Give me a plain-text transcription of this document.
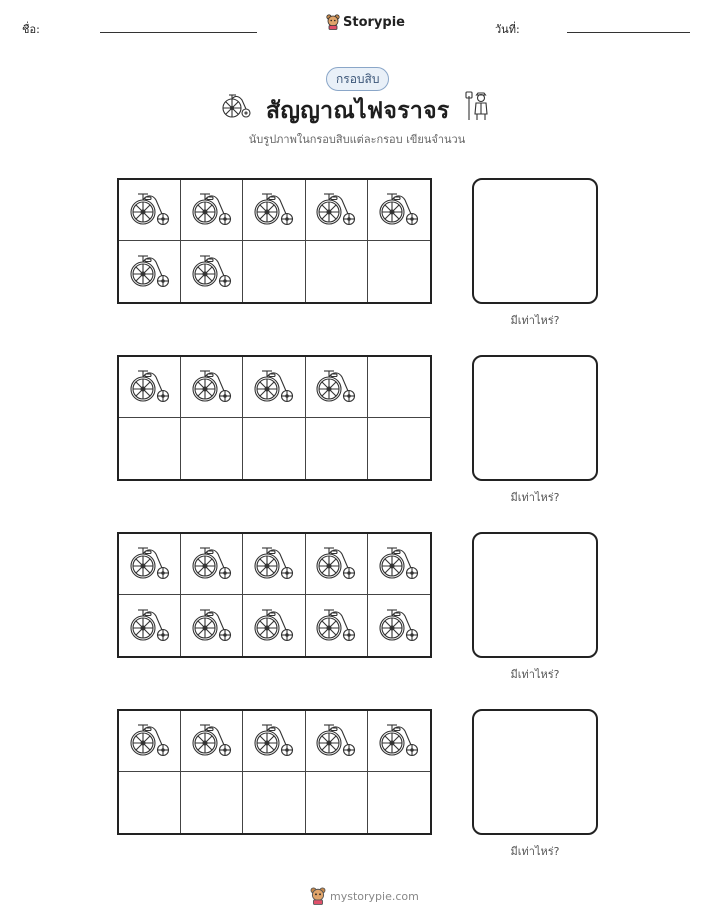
ชื่อ:	Storypie	วันที่:
กรอบสิบ
สัญญาณไฟจราจร
นับรูปภาพในกรอบสิบแต่ละกรอบ เขียนจำนวน
มีเท่าไหร่?
มีเท่าไหร่?
มีเท่าไหร่?
มีเท่าไหร่?
mystorypie.com
